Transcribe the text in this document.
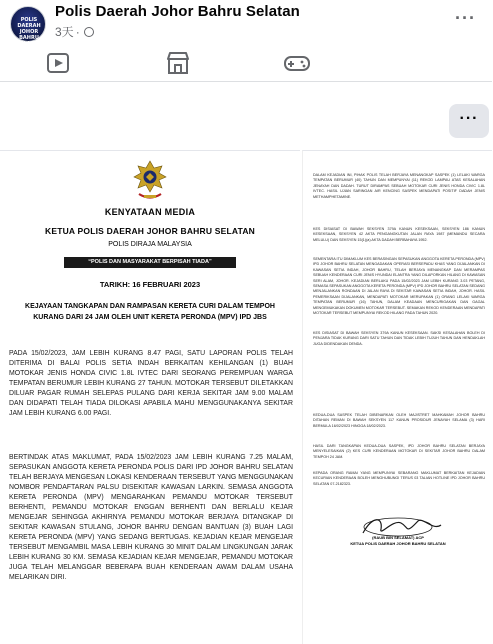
POLIS DAERAH JOHOR BAHRU SELATAN
Polis Daerah Johor Bahru Selatan
3天 ·
···
···
KENYATAAN MEDIA
KETUA POLIS DAERAH JOHOR BAHRU SELATAN
POLIS DIRAJA MALAYSIA
“POLIS DAN MASYARAKAT BERPISAH TIADA”
TARIKH: 16 FEBRUARI 2023
KEJAYAAN TANGKAPAN DAN RAMPASAN KERETA CURI DALAM TEMPOH KURANG DARI 24 JAM OLEH UNIT KERETA PERONDA (MPV) IPD JBS
PADA 15/02/2023, JAM LEBIH KURANG 8.47 PAGI, SATU LAPORAN POLIS TELAH DITERIMA DI BALAI POLIS SETIA INDAH BERKAITAN KEHILANGAN (1) BUAH MOTOKAR JENIS HONDA CIVIC 1.8L IVTEC DARI SEORANG PEREMPUAN WARGA TEMPATAN BERUMUR LEBIH KURANG 27 TAHUN. MOTOKAR TERSEBUT DILETAKKAN DILUAR PAGAR RUMAH SELEPAS PULANG DARI KERJA SEKITAR JAM 9.00 MALAM DAN DIDAPATI TELAH TIADA DILOKASI APABILA MAHU MENGGUNAKANYA SEKITAR JAM LEBIH KURANG 6.00 PAGI.
BERTINDAK ATAS MAKLUMAT, PADA 15/02/2023 JAM LEBIH KURANG 7.25 MALAM, SEPASUKAN ANGGOTA KERETA PERONDA POLIS DARI IPD JOHOR BAHRU SELATAN TELAH BERJAYA MENGESAN LOKASI KENDERAAN TERSEBUT YANG MENGGUNAKAN NOMBOR PENDAFTARAN PALSU DISEKITAR KAWASAN LARKIN. SEMASA ANGGOTA KERETA PERONDA (MPV) MENGARAHKAN PEMANDU MOTOKAR TERSEBUT BERHENTI, PEMANDU MOTOKAR ENGGAN BERHENTI DAN BERLALU KEJAR MENGEJAR SEHINGGA AKHIRNYA PEMANDU MOTOKAR BERJAYA DITANGKAP DI SEKITAR KAWASAN STULANG, JOHOR BAHRU DENGAN BANTUAN (3) BUAH LAGI KERETA PERONDA (MPV) YANG SEDANG BERTUGAS. KEJADIAN KEJAR MENGEJAR TERSEBUT MENGAMBIL MASA LEBIH KURANG 30 MINIT DALAM LINGKUNGAN JARAK LEBIH KURANG 30 KM. SEMASA KEJADIAN KEJAR MENGEJAR, PEMANDU MOTOKAR JUGA TELAH MELANGGAR BEBERAPA BUAH KENDERAAN AWAM DALAM USAHA MELARIKAN DIRI.
DALAM KEJADIAN INI, PIHAK POLIS TELAH BERJAYA MENANGKAP SASPEK (1) LELAKI WARGA TEMPATAN BERUMUR (40) TAHUN DAN MEMPUNYAI (11) REKOD LAMPAU ATAS KESALAHAN JENAYAH DAN DADAH. TURUT DIRAMPAS SEBUAH MOTOKAR CURI JENIS HONDA CIVIC 1.8L IVTEC. HASIL UJIAN SARINGAN AIR KENCING SASPEK MENDAPATI POSITIF DADAH JENIS METHAMPHETAMINE.
KES DISIASAT DI BAWAH SEKSYEN 379A KANUN KESEKSAAN, SEKSYEN 186 KANUN KESEKSAAN, SEKSYEN 42 AKTA PENGANGKUTAN JALAN RAYA 1987 (MEMANDU SECARA MELULU) DAN SEKSYEN 15(1)(a) AKTA DADAH BERBAHAYA 1952.
SEMENTARA ITU DIMAKLUM KES BERASINGAN SEPASUKAN ANGGOTA KERETA PERONDA (MPV) IPD JOHOR BAHRU SELATAN MENGADAKAN OPERASI BERSEPADU KHAS YANG DIJALANKAN DI KAWASAN SETIA INDAH, JOHOR BAHRU, TELAH BERJAYA MENANGKAP DAN MERAMPAS SEBUAH KENDERAAN CURI JENIS HYUNDAI ELANTRA YANG DILAPORKAN HILANG DI KAWASAN SERI ALAM, JOHOR. KEJADIAN BERLAKU PADA 15/02/2023 JAM LEBIH KURANG 3.03 PETANG, SEMASA SEPASUKAN ANGGOTA KERETA PERONDA (MPV) IPD JOHOR BAHRU SELATAN SEDANG MENJALANKAN RONDAAN DI JALAN RAYA DI SEKITAR KAWASAN SETIA INDAH, JOHOR. HASIL PEMERIKSAAN DIJALANKAN, MENDAPATI MOTOKAR MERUPAKAN (1) ORANG LELAKI WARGA TEMPATAN BERUMUR (16) TAHUN, DALAM KEADAAN MENCURIGAKAN DAN GAGAL MENGEMUKAKAN DOKUMEN MOTOKAR TERSEBUT. SEMAKAN REKOD KENDERAAN MENDAPATI MOTOKAR TERSEBUT MEMPUNYAI REKOD HILANG PADA TAHUN 2020.
KES DISIASAT DI BAWAH SEKSYEN 379A KANUN KESEKSAAN. SAKSI KESALAHAN BOLEH DI PENJARA TIDAK KURANG DARI SATU TAHUN DAN TIDAK LEBIH TUJUH TAHUN DAN HENDAKLAH JUGA DIDENDAKAN DENDA.
KEDUA-DUA SASPEK TELAH DIBENARKAN OLEH MAJISTRET MAHKAMAH JOHOR BAHRU DITAHAN REMAN DI BAWAH SEKSYEN 117 KANUN PROSIDUR JENAYAH SELAMA (3) HARI BERMULA 16/02/2023 HINGGA 18/02/2023.
HASIL DARI TANGKAPAN KEDUA-DUA SASPEK, IPD JOHOR BAHRU SELATAN BERJAYA MENYELESAIKAN (2) KES CURI KENDERAAN MOTOKAR DI SEKITAR JOHOR BAHRU DALAM TEMPOH 24 JAM.
KEPADA ORANG RAMAI YANG MEMPUNYAI SEBARANG MAKLUMAT BERKAITAN KEJADIAN KECURIAN KENDERAAN BOLEH MENGHUBUNGI TERUS 03 TALIAN HOTLINE IPD JOHOR BAHRU SELATAN 07-2182323.
(RAUB BIN SELAMAT) ACP
KETUA POLIS DAERAH JOHOR BAHRU SELATAN
